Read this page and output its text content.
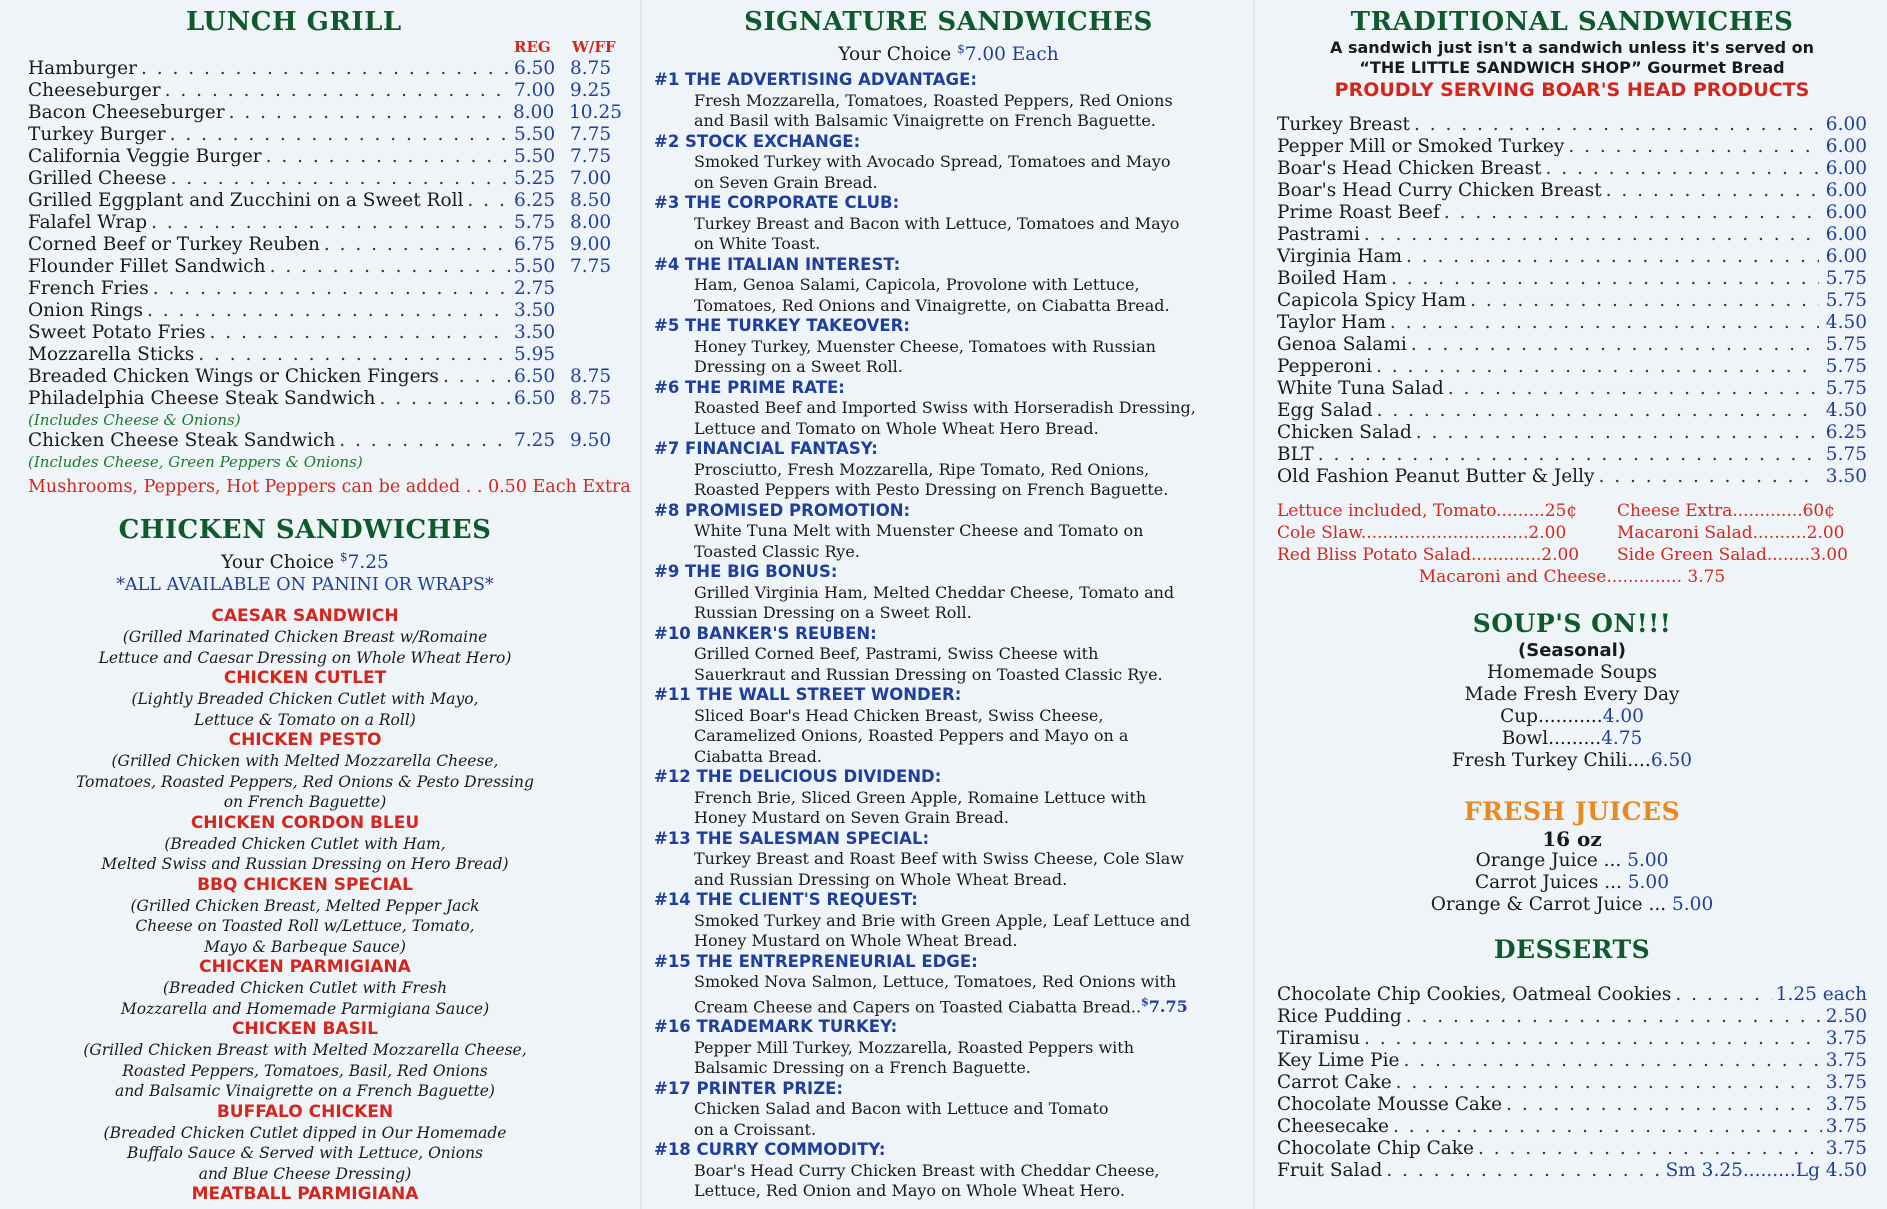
LUNCH GRILL
REG W/FF
Hamburger . . .	6.50 8.75
Cheeseburger . . .	7.00 9.25
Bacon Cheeseburger . . .	8.00 10.25
Turkey Burger . . .	5.50 7.75
California Veggie Burger . . .	5.50 7.75
Grilled Cheese . . .	5.25 7.00
Grilled Eggplant and Zucchini on a Sweet Roll . . .	6.25 8.50
Falafel Wrap . . .	5.75 8.00
Corned Beef or Turkey Reuben . . .	6.75 9.00
Flounder Fillet Sandwich . . .	5.50 7.75
French Fries . . .	2.75
Onion Rings . . .	3.50
Sweet Potato Fries . . .	3.50
Mozzarella Sticks . . .	5.95
Breaded Chicken Wings or Chicken Fingers . . .	6.50 8.75
Philadelphia Cheese Steak Sandwich . . .	6.50 8.75
(Includes Cheese & Onions)
Chicken Cheese Steak Sandwich . . .	7.25 9.50
(Includes Cheese, Green Peppers & Onions)
Mushrooms, Peppers, Hot Peppers can be added . . 0.50 Each Extra
CHICKEN SANDWICHES
Your Choice $7.25
*ALL AVAILABLE ON PANINI OR WRAPS*
CAESAR SANDWICH
(Grilled Marinated Chicken Breast w/Romaine
Lettuce and Caesar Dressing on Whole Wheat Hero)
CHICKEN CUTLET
(Lightly Breaded Chicken Cutlet with Mayo,
Lettuce & Tomato on a Roll)
CHICKEN PESTO
(Grilled Chicken with Melted Mozzarella Cheese,
Tomatoes, Roasted Peppers, Red Onions & Pesto Dressing
on French Baguette)
CHICKEN CORDON BLEU
(Breaded Chicken Cutlet with Ham,
Melted Swiss and Russian Dressing on Hero Bread)
BBQ CHICKEN SPECIAL
(Grilled Chicken Breast, Melted Pepper Jack
Cheese on Toasted Roll w/Lettuce, Tomato,
Mayo & Barbeque Sauce)
CHICKEN PARMIGIANA
(Breaded Chicken Cutlet with Fresh
Mozzarella and Homemade Parmigiana Sauce)
CHICKEN BASIL
(Grilled Chicken Breast with Melted Mozzarella Cheese,
Roasted Peppers, Tomatoes, Basil, Red Onions
and Balsamic Vinaigrette on a French Baguette)
BUFFALO CHICKEN
(Breaded Chicken Cutlet dipped in Our Homemade
Buffalo Sauce & Served with Lettuce, Onions
and Blue Cheese Dressing)
MEATBALL PARMIGIANA
SIGNATURE SANDWICHES
Your Choice $7.00 Each
#1 THE ADVERTISING ADVANTAGE:
Fresh Mozzarella, Tomatoes, Roasted Peppers, Red Onions
and Basil with Balsamic Vinaigrette on French Baguette.
#2 STOCK EXCHANGE:
Smoked Turkey with Avocado Spread, Tomatoes and Mayo
on Seven Grain Bread.
#3 THE CORPORATE CLUB:
Turkey Breast and Bacon with Lettuce, Tomatoes and Mayo
on White Toast.
#4 THE ITALIAN INTEREST:
Ham, Genoa Salami, Capicola, Provolone with Lettuce,
Tomatoes, Red Onions and Vinaigrette, on Ciabatta Bread.
#5 THE TURKEY TAKEOVER:
Honey Turkey, Muenster Cheese, Tomatoes with Russian
Dressing on a Sweet Roll.
#6 THE PRIME RATE:
Roasted Beef and Imported Swiss with Horseradish Dressing,
Lettuce and Tomato on Whole Wheat Hero Bread.
#7 FINANCIAL FANTASY:
Prosciutto, Fresh Mozzarella, Ripe Tomato, Red Onions,
Roasted Peppers with Pesto Dressing on French Baguette.
#8 PROMISED PROMOTION:
White Tuna Melt with Muenster Cheese and Tomato on
Toasted Classic Rye.
#9 THE BIG BONUS:
Grilled Virginia Ham, Melted Cheddar Cheese, Tomato and
Russian Dressing on a Sweet Roll.
#10 BANKER'S REUBEN:
Grilled Corned Beef, Pastrami, Swiss Cheese with
Sauerkraut and Russian Dressing on Toasted Classic Rye.
#11 THE WALL STREET WONDER:
Sliced Boar's Head Chicken Breast, Swiss Cheese,
Caramelized Onions, Roasted Peppers and Mayo on a
Ciabatta Bread.
#12 THE DELICIOUS DIVIDEND:
French Brie, Sliced Green Apple, Romaine Lettuce with
Honey Mustard on Seven Grain Bread.
#13 THE SALESMAN SPECIAL:
Turkey Breast and Roast Beef with Swiss Cheese, Cole Slaw
and Russian Dressing on Whole Wheat Bread.
#14 THE CLIENT'S REQUEST:
Smoked Turkey and Brie with Green Apple, Leaf Lettuce and
Honey Mustard on Whole Wheat Bread.
#15 THE ENTREPRENEURIAL EDGE:
Smoked Nova Salmon, Lettuce, Tomatoes, Red Onions with
Cream Cheese and Capers on Toasted Ciabatta Bread..$7.75
#16 TRADEMARK TURKEY:
Pepper Mill Turkey, Mozzarella, Roasted Peppers with
Balsamic Dressing on a French Baguette.
#17 PRINTER PRIZE:
Chicken Salad and Bacon with Lettuce and Tomato
on a Croissant.
#18 CURRY COMMODITY:
Boar's Head Curry Chicken Breast with Cheddar Cheese,
Lettuce, Red Onion and Mayo on Whole Wheat Hero.
TRADITIONAL SANDWICHES
A sandwich just isn't a sandwich unless it's served on
“THE LITTLE SANDWICH SHOP” Gourmet Bread
PROUDLY SERVING BOAR'S HEAD PRODUCTS
Turkey Breast . . .	6.00
Pepper Mill or Smoked Turkey . . .	6.00
Boar's Head Chicken Breast . . .	6.00
Boar's Head Curry Chicken Breast . . .	6.00
Prime Roast Beef . . .	6.00
Pastrami . . .	6.00
Virginia Ham . . .	6.00
Boiled Ham . . .	5.75
Capicola Spicy Ham . . .	5.75
Taylor Ham . . .	4.50
Genoa Salami . . .	5.75
Pepperoni . . .	5.75
White Tuna Salad . . .	5.75
Egg Salad . . .	4.50
Chicken Salad . . .	6.25
BLT . . .	5.75
Old Fashion Peanut Butter & Jelly . . .	3.50
Lettuce included, Tomato.........25¢	Cheese Extra.............60¢
Cole Slaw...............................2.00	Macaroni Salad..........2.00
Red Bliss Potato Salad.............2.00	Side Green Salad........3.00
Macaroni and Cheese.............. 3.75
SOUP'S ON!!!
(Seasonal)
Homemade Soups
Made Fresh Every Day
Cup...........4.00
Bowl.........4.75
Fresh Turkey Chili....6.50
FRESH JUICES
16 oz
Orange Juice ... 5.00
Carrot Juices ... 5.00
Orange & Carrot Juice ... 5.00
DESSERTS
Chocolate Chip Cookies, Oatmeal Cookies . . .	1.25 each
Rice Pudding . . .	2.50
Tiramisu . . .	3.75
Key Lime Pie . . .	3.75
Carrot Cake . . .	3.75
Chocolate Mousse Cake . . .	3.75
Cheesecake . . .	3.75
Chocolate Chip Cake . . .	3.75
Fruit Salad . . .	Sm 3.25.........Lg 4.50
